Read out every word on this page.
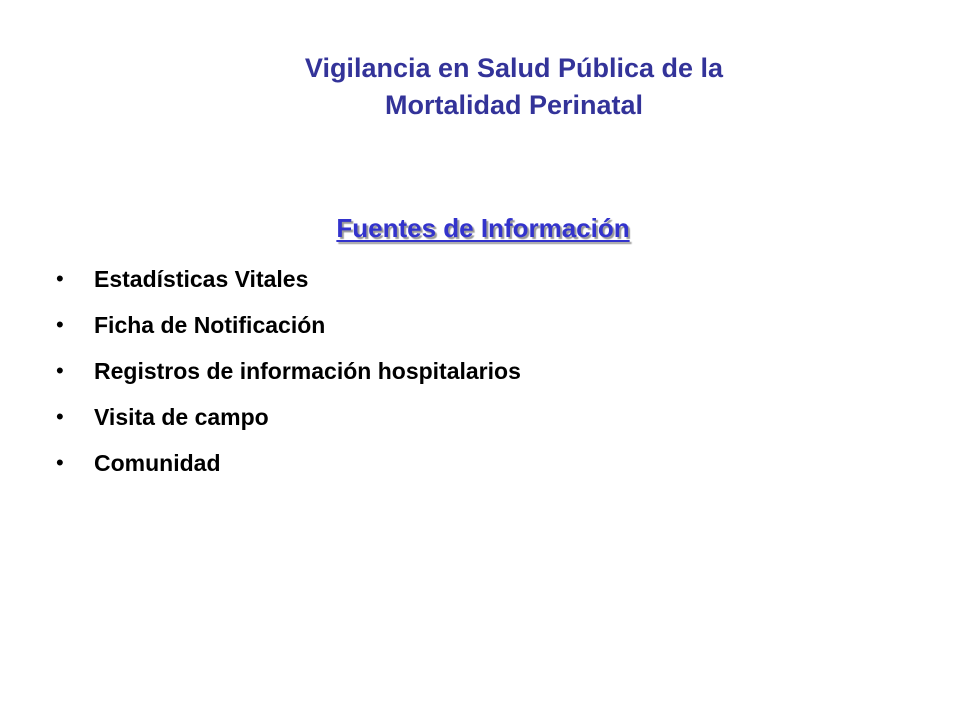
Vigilancia en Salud Pública de la
Mortalidad Perinatal
Fuentes de Información
• Estadísticas Vitales
• Ficha de Notificación
• Registros de información hospitalarios
• Visita de campo
• Comunidad
